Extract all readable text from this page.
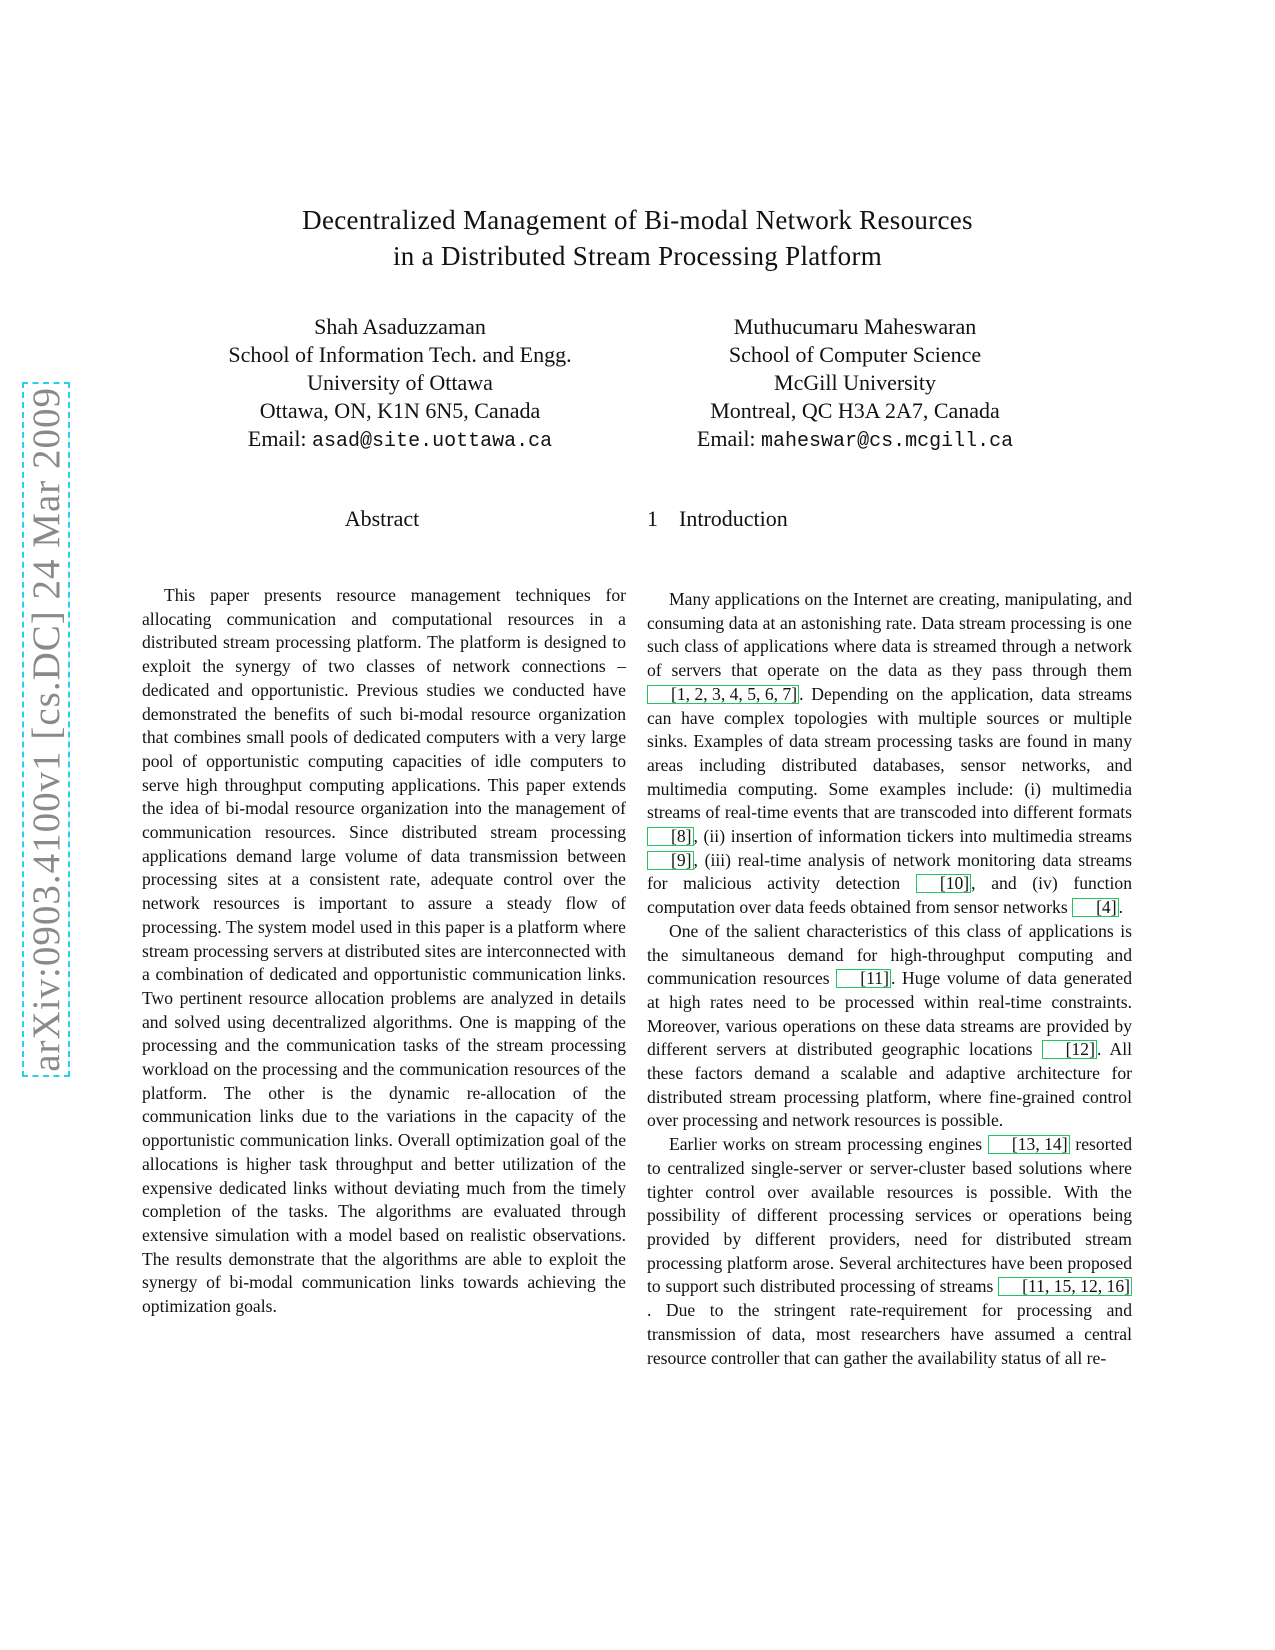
arXiv:0903.4100v1 [cs.DC] 24 Mar 2009
Decentralized Management of Bi-modal Network Resources
in a Distributed Stream Processing Platform
Shah Asaduzzaman
School of Information Tech. and Engg.
University of Ottawa
Ottawa, ON, K1N 6N5, Canada
Email: asad@site.uottawa.ca
Muthucumaru Maheswaran
School of Computer Science
McGill University
Montreal, QC H3A 2A7, Canada
Email: maheswar@cs.mcgill.ca
Abstract	1 Introduction

This paper presents resource management techniques for allocating communication and computational resources in a distributed stream processing platform. The platform is designed to exploit the synergy of two classes of network connections – dedicated and opportunistic. Previous studies we conducted have demonstrated the benefits of such bi-modal resource organization that combines small pools of dedicated computers with a very large pool of opportunistic computing capacities of idle computers to serve high throughput computing applications. This paper extends the idea of bi-modal resource organization into the management of communication resources. Since distributed stream processing applications demand large volume of data transmission between processing sites at a consistent rate, adequate control over the network resources is important to assure a steady flow of processing. The system model used in this paper is a platform where stream processing servers at distributed sites are interconnected with a combination of dedicated and opportunistic communication links. Two pertinent resource allocation problems are analyzed in details and solved using decentralized algorithms. One is mapping of the processing and the communication tasks of the stream processing workload on the processing and the communication resources of the platform. The other is the dynamic re-allocation of the communication links due to the variations in the capacity of the opportunistic communication links. Overall optimization goal of the allocations is higher task throughput and better utilization of the expensive dedicated links without deviating much from the timely completion of the tasks. The algorithms are evaluated through extensive simulation with a model based on realistic observations. The results demonstrate that the algorithms are able to exploit the synergy of bi-modal communication links towards achieving the optimization goals.

Many applications on the Internet are creating, manipulating, and consuming data at an astonishing rate. Data stream processing is one such class of applications where data is streamed through a network of servers that operate on the data as they pass through them [1, 2, 3, 4, 5, 6, 7] . Depending on the application, data streams can have complex topologies with multiple sources or multiple sinks. Examples of data stream processing tasks are found in many areas including distributed databases, sensor networks, and multimedia computing. Some examples include: (i) multimedia streams of real-time events that are transcoded into different formats [8] , (ii) insertion of information tickers into multimedia streams [9] , (iii) real-time analysis of network monitoring data streams for malicious activity detection [10] , and (iv) function computation over data feeds obtained from sensor networks [4] .

One of the salient characteristics of this class of applications is the simultaneous demand for high-throughput computing and communication resources [11] . Huge volume of data generated at high rates need to be processed within real-time constraints. Moreover, various operations on these data streams are provided by different servers at distributed geographic locations [12] . All these factors demand a scalable and adaptive architecture for distributed stream processing platform, where fine-grained control over processing and network resources is possible.

Earlier works on stream processing engines [13, 14] resorted to centralized single-server or server-cluster based solutions where tighter control over available resources is possible. With the possibility of different processing services or operations being provided by different providers, need for distributed stream processing platform arose. Several architectures have been proposed to support such distributed processing of streams [11, 15, 12, 16]. Due to the stringent rate-requirement for processing and transmission of data, most researchers have assumed a central resource controller that can gather the availability status of all re-
